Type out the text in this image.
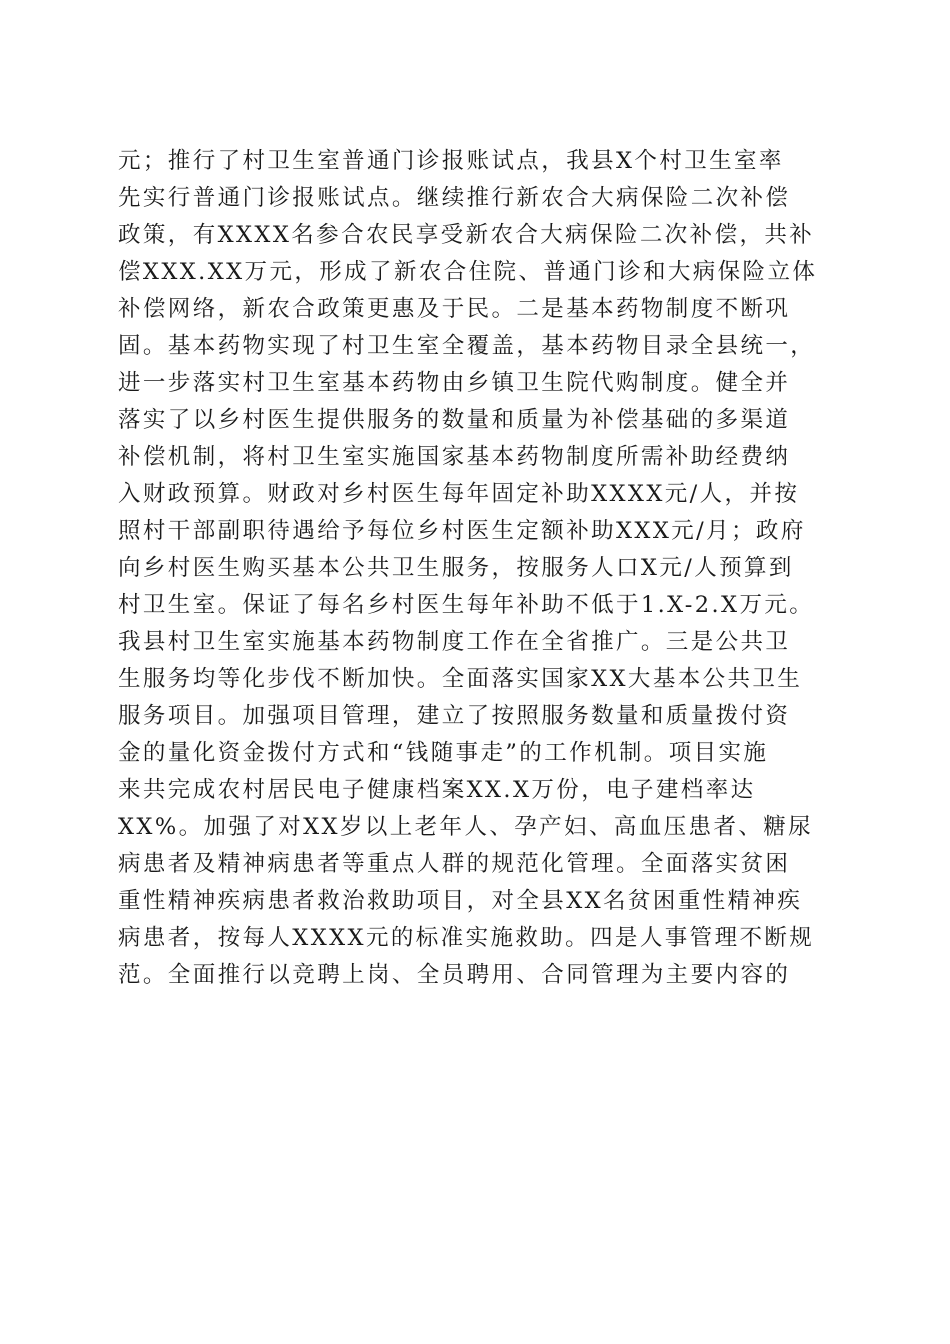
元；推行了村卫生室普通门诊报账试点，我县X个村卫生室率
先实行普通门诊报账试点。继续推行新农合大病保险二次补偿
政策，有XXXX名参合农民享受新农合大病保险二次补偿，共补
偿XXX.XX万元，形成了新农合住院、普通门诊和大病保险立体
补偿网络，新农合政策更惠及于民。二是基本药物制度不断巩
固。基本药物实现了村卫生室全覆盖，基本药物目录全县统一，
进一步落实村卫生室基本药物由乡镇卫生院代购制度。健全并
落实了以乡村医生提供服务的数量和质量为补偿基础的多渠道
补偿机制，将村卫生室实施国家基本药物制度所需补助经费纳
入财政预算。财政对乡村医生每年固定补助XXXX元/人，并按
照村干部副职待遇给予每位乡村医生定额补助XXX元/月；政府
向乡村医生购买基本公共卫生服务，按服务人口X元/人预算到
村卫生室。保证了每名乡村医生每年补助不低于1.X-2.X万元。
我县村卫生室实施基本药物制度工作在全省推广。三是公共卫
生服务均等化步伐不断加快。全面落实国家XX大基本公共卫生
服务项目。加强项目管理，建立了按照服务数量和质量拨付资
金的量化资金拨付方式和“钱随事走”的工作机制。项目实施
来共完成农村居民电子健康档案XX.X万份，电子建档率达
XX%。加强了对XX岁以上老年人、孕产妇、高血压患者、糖尿
病患者及精神病患者等重点人群的规范化管理。全面落实贫困
重性精神疾病患者救治救助项目，对全县XX名贫困重性精神疾
病患者，按每人XXXX元的标准实施救助。四是人事管理不断规
范。全面推行以竞聘上岗、全员聘用、合同管理为主要内容的
